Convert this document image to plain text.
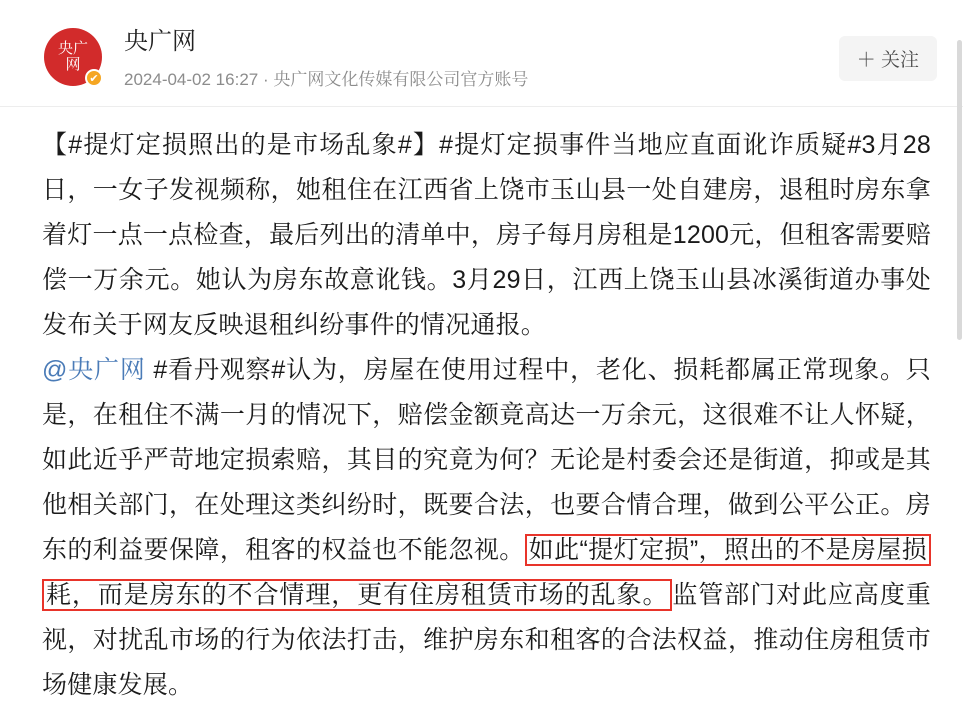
央广
网
✔
央广网
2024-04-02 16:27 · 央广网文化传媒有限公司官方账号
＋ 关注

【#提灯定损照出的是市场乱象#】#提灯定损事件当地应直面讹诈质疑#3月28日，一女子发视频称，她租住在江西省上饶市玉山县一处自建房，退租时房东拿着灯一点一点检查，最后列出的清单中，房子每月房租是1200元，但租客需要赔偿一万余元。她认为房东故意讹钱。3月29日，江西上饶玉山县冰溪街道办事处发布关于网友反映退租纠纷事件的情况通报。

@央广网 #看丹观察#认为，房屋在使用过程中，老化、损耗都属正常现象。只是，在租住不满一月的情况下，赔偿金额竟高达一万余元，这很难不让人怀疑，如此近乎严苛地定损索赔，其目的究竟为何？无论是村委会还是街道，抑或是其他相关部门，在处理这类纠纷时，既要合法，也要合情合理，做到公平公正。房东的利益要保障，租客的权益也不能忽视。 如此“提灯定损”，照出的不是房屋损耗，而是房东的不合情理，更有住房租赁市场的乱象。 监管部门对此应高度重视，对扰乱市场的行为依法打击，维护房东和租客的合法权益，推动住房租赁市场健康发展。
